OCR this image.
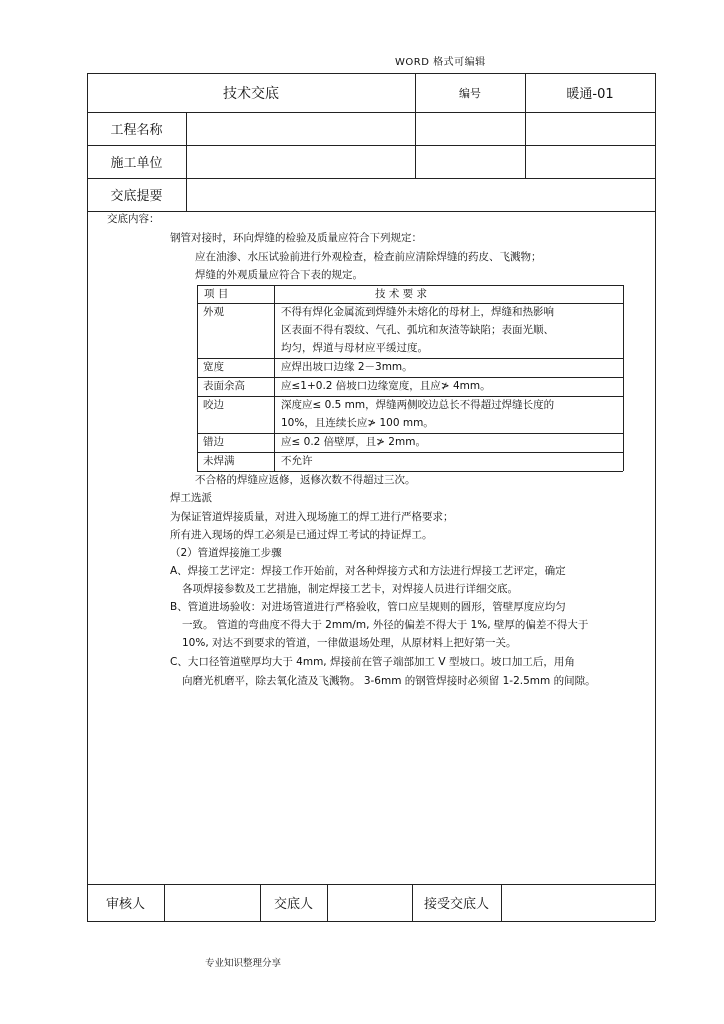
WORD 格式可编辑
技术交底	编号	暖通-01
工程名称
施工单位
交底提要
交底内容：
钢管对接时，环向焊缝的检验及质量应符合下列规定：
应在油渗、水压试验前进行外观检查，检查前应清除焊缝的药皮、飞溅物；
焊缝的外观质量应符合下表的规定。
项 目	技 术 要 求
外观	不得有焊化金属流到焊缝外未熔化的母材上，焊缝和热影响
区表面不得有裂纹、气孔、弧坑和灰渣等缺陷；表面光顺、
均匀，焊道与母材应平缓过度。
宽度	应焊出坡口边缘 2－3mm。
表面余高	应≤1+0.2 倍坡口边缘宽度，且应≯ 4mm。
咬边	深度应≤ 0.5 mm，焊缝两侧咬边总长不得超过焊缝长度的
10%，且连续长应≯ 100 mm。
错边	应≤ 0.2 倍壁厚，且≯ 2mm。
未焊满	不允许
不合格的焊缝应返修，返修次数不得超过三次。
焊工选派
为保证管道焊接质量，对进入现场施工的焊工进行严格要求；
所有进入现场的焊工必须是已通过焊工考试的持证焊工。
（2）管道焊接施工步骤
A、焊接工艺评定：焊接工作开始前，对各种焊接方式和方法进行焊接工艺评定，确定
各项焊接参数及工艺措施，制定焊接工艺卡，对焊接人员进行详细交底。
B、管道进场验收：对进场管道进行严格验收，管口应呈规则的圆形，管壁厚度应均匀
一致。 管道的弯曲度不得大于 2mm/m, 外径的偏差不得大于 1%, 壁厚的偏差不得大于
10%, 对达不到要求的管道，一律做退场处理，从原材料上把好第一关。
C、大口径管道壁厚均大于 4mm, 焊接前在管子端部加工 V 型坡口。坡口加工后，用角
向磨光机磨平，除去氧化渣及飞溅物。 3-6mm 的钢管焊接时必须留 1-2.5mm 的间隙。
审核人	交底人	接受交底人
专业知识整理分享
